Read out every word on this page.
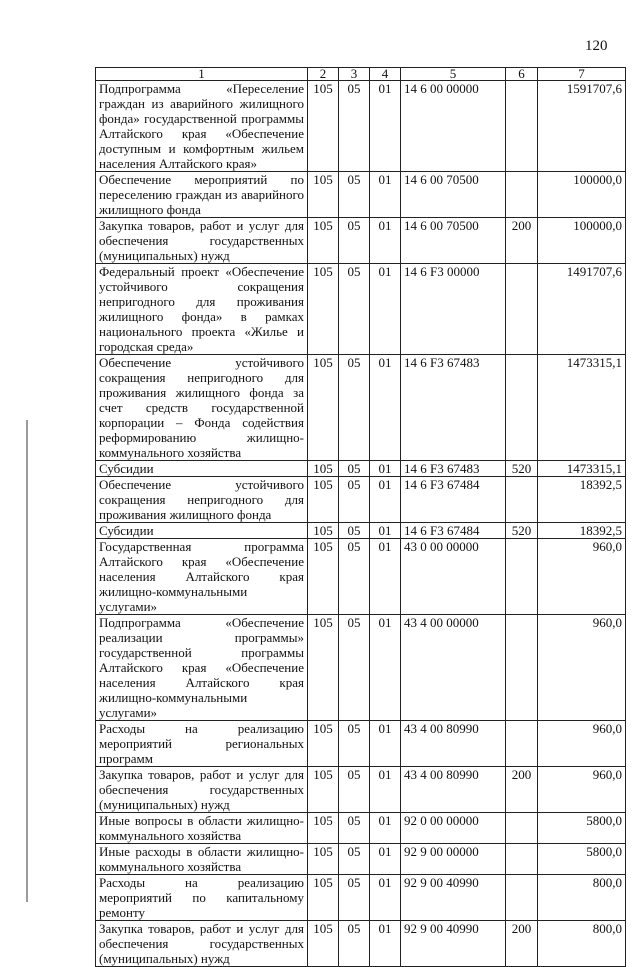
120
1	2	3	4	5	6	7
Подпрограмма «Переселение граждан из аварийного жилищного фонда» государственной программы Алтайского края «Обеспечение доступным и комфортным жильем населения Алтайского края»	105	05	01	14 6 00 00000		1591707,6
Обеспечение мероприятий по переселению граждан из аварийного жилищного фонда	105	05	01	14 6 00 70500		100000,0
Закупка товаров, работ и услуг для обеспечения государственных (муниципальных) нужд	105	05	01	14 6 00 70500	200	100000,0
Федеральный проект «Обеспечение устойчивого сокращения непригодного для проживания жилищного фонда» в рамках национального проекта «Жилье и городская среда»	105	05	01	14 6 F3 00000		1491707,6
Обеспечение устойчивого сокращения непригодного для проживания жилищного фонда за счет средств государственной корпорации – Фонда содействия реформированию жилищно-коммунального хозяйства	105	05	01	14 6 F3 67483		1473315,1
Субсидии	105	05	01	14 6 F3 67483	520	1473315,1
Обеспечение устойчивого сокращения непригодного для проживания жилищного фонда	105	05	01	14 6 F3 67484		18392,5
Субсидии	105	05	01	14 6 F3 67484	520	18392,5
Государственная программа Алтайского края «Обеспечение населения Алтайского края жилищно-коммунальными услугами»	105	05	01	43 0 00 00000		960,0
Подпрограмма «Обеспечение реализации программы» государственной программы Алтайского края «Обеспечение населения Алтайского края жилищно-коммунальными услугами»	105	05	01	43 4 00 00000		960,0
Расходы на реализацию мероприятий региональных программ	105	05	01	43 4 00 80990		960,0
Закупка товаров, работ и услуг для обеспечения государственных (муниципальных) нужд	105	05	01	43 4 00 80990	200	960,0
Иные вопросы в области жилищно-коммунального хозяйства	105	05	01	92 0 00 00000		5800,0
Иные расходы в области жилищно-коммунального хозяйства	105	05	01	92 9 00 00000		5800,0
Расходы на реализацию мероприятий по капитальному ремонту	105	05	01	92 9 00 40990		800,0
Закупка товаров, работ и услуг для обеспечения государственных (муниципальных) нужд	105	05	01	92 9 00 40990	200	800,0
